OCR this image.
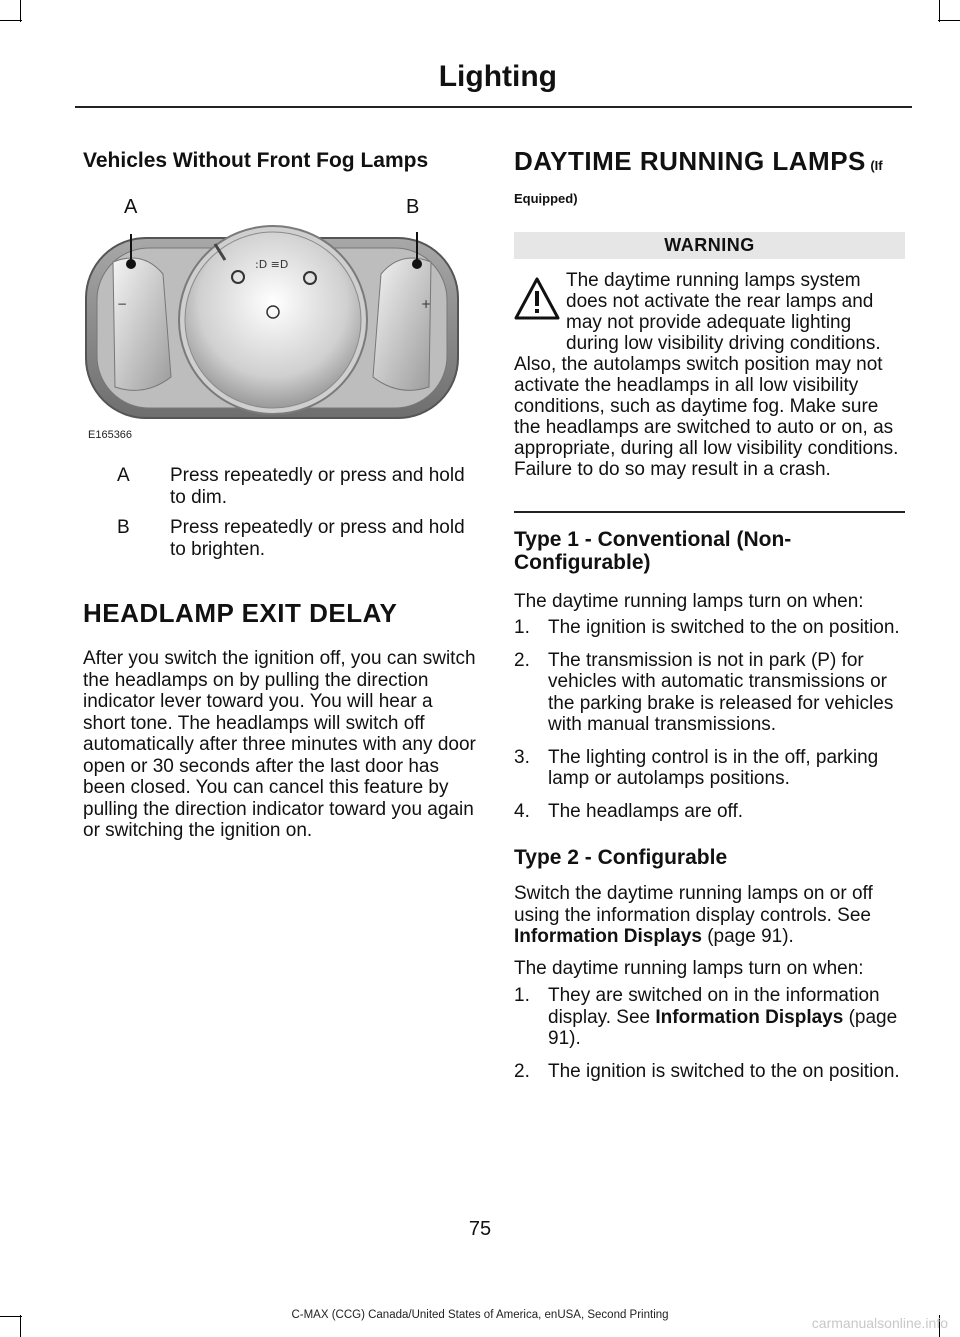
Lighting
Vehicles Without Front Fog Lamps
:D ≡D
−	+
A	B
E165366
A Press repeatedly or press and hold to dim.
B Press repeatedly or press and hold to brighten.
HEADLAMP EXIT DELAY

After you switch the ignition off, you can switch the headlamps on by pulling the direction indicator lever toward you. You will hear a short tone. The headlamps will switch off automatically after three minutes with any door open or 30 seconds after the last door has been closed. You can cancel this feature by pulling the direction indicator toward you again or switching the ignition on.

DAYTIME RUNNING LAMPS (If
Equipped)
WARNING

The daytime running lamps system does not activate the rear lamps and may not provide adequate lighting during low visibility driving conditions. Also, the autolamps switch position may not activate the headlamps in all low visibility conditions, such as daytime fog. Make sure the headlamps are switched to auto or on, as appropriate, during all low visibility conditions. Failure to do so may result in a crash.

Type 1 - Conventional (Non-Configurable)

The daytime running lamps turn on when:

1. The ignition is switched to the on position.
2. The transmission is not in park (P) for vehicles with automatic transmissions or the parking brake is released for vehicles with manual transmissions.
3. The lighting control is in the off, parking lamp or autolamps positions.
4. The headlamps are off.
Type 2 - Configurable

Switch the daytime running lamps on or off using the information display controls. See Information Displays (page 91).

The daytime running lamps turn on when:

1. They are switched on in the information display. See Information Displays (page 91).
2. The ignition is switched to the on position.
75
C-MAX (CCG) Canada/United States of America, enUSA, Second Printing	carmanualsonline.info
